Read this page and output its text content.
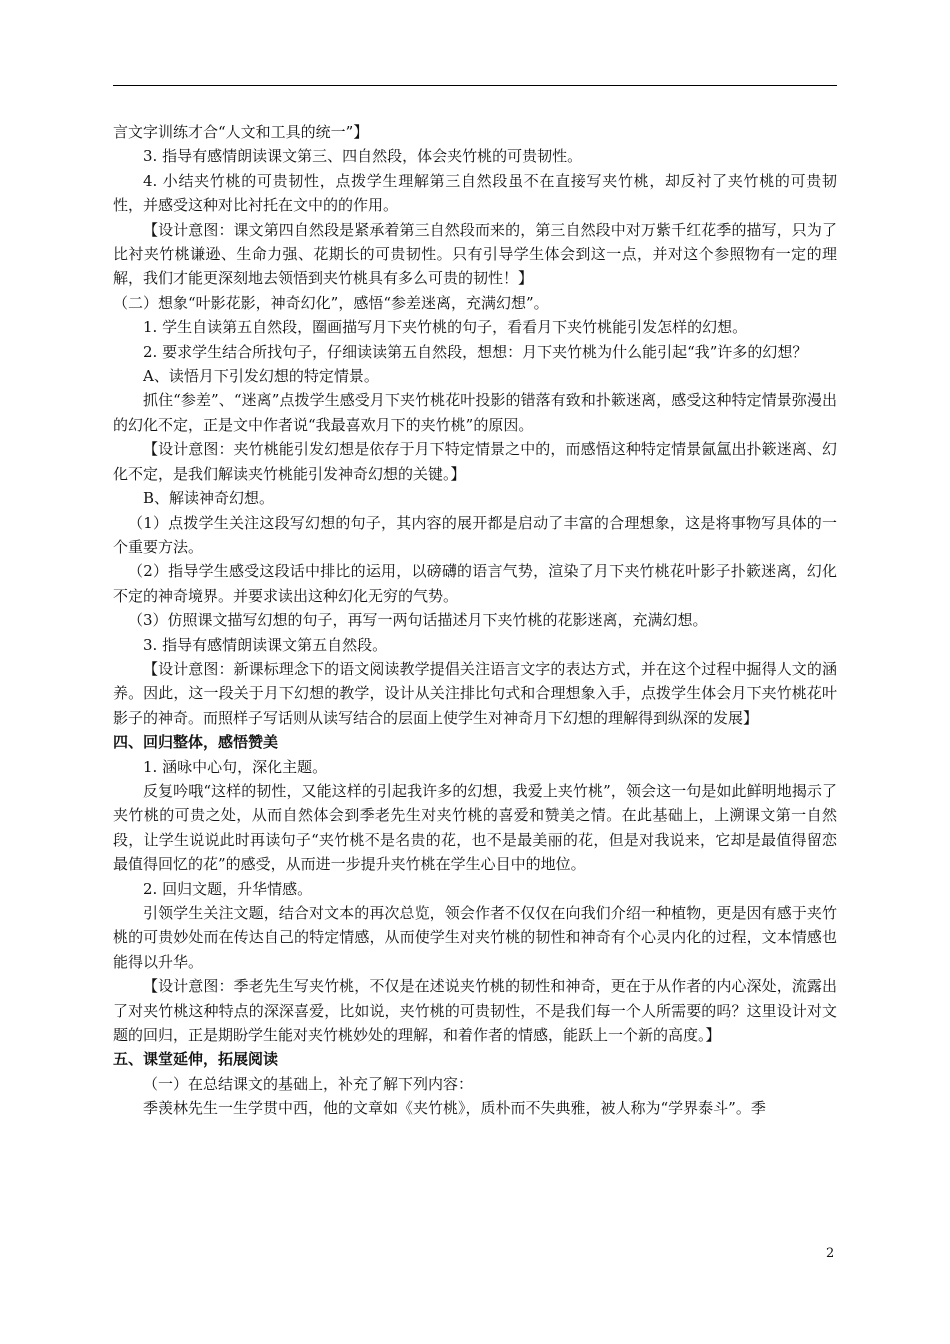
言文字训练才合“人文和工具的统一”】

3. 指导有感情朗读课文第三、四自然段，体会夹竹桃的可贵韧性。

4. 小结夹竹桃的可贵韧性，点拨学生理解第三自然段虽不在直接写夹竹桃，却反衬了夹竹桃的可贵韧性，并感受这种对比衬托在文中的的作用。

【设计意图：课文第四自然段是紧承着第三自然段而来的，第三自然段中对万紫千红花季的描写，只为了比衬夹竹桃谦逊、生命力强、花期长的可贵韧性。只有引导学生体会到这一点，并对这个参照物有一定的理解，我们才能更深刻地去领悟到夹竹桃具有多么可贵的韧性！】

（二）想象“叶影花影，神奇幻化”，感悟“参差迷离，充满幻想”。

1. 学生自读第五自然段，圈画描写月下夹竹桃的句子，看看月下夹竹桃能引发怎样的幻想。

2. 要求学生结合所找句子，仔细读读第五自然段，想想：月下夹竹桃为什么能引起“我”许多的幻想？

A、读悟月下引发幻想的特定情景。

抓住“参差”、“迷离”点拨学生感受月下夹竹桃花叶投影的错落有致和扑簌迷离，感受这种特定情景弥漫出的幻化不定，正是文中作者说“我最喜欢月下的夹竹桃”的原因。

【设计意图：夹竹桃能引发幻想是依存于月下特定情景之中的，而感悟这种特定情景氤氲出扑簌迷离、幻化不定，是我们解读夹竹桃能引发神奇幻想的关键。】

B、解读神奇幻想。

（1）点拨学生关注这段写幻想的句子，其内容的展开都是启动了丰富的合理想象，这是将事物写具体的一个重要方法。

（2）指导学生感受这段话中排比的运用，以磅礴的语言气势，渲染了月下夹竹桃花叶影子扑簌迷离，幻化不定的神奇境界。并要求读出这种幻化无穷的气势。

（3）仿照课文描写幻想的句子，再写一两句话描述月下夹竹桃的花影迷离，充满幻想。

3. 指导有感情朗读课文第五自然段。

【设计意图：新课标理念下的语文阅读教学提倡关注语言文字的表达方式，并在这个过程中掘得人文的涵养。因此，这一段关于月下幻想的教学，设计从关注排比句式和合理想象入手，点拨学生体会月下夹竹桃花叶影子的神奇。而照样子写话则从读写结合的层面上使学生对神奇月下幻想的理解得到纵深的发展】

四、回归整体，感悟赞美

1. 涵咏中心句，深化主题。

反复吟哦“这样的韧性，又能这样的引起我许多的幻想，我爱上夹竹桃”，领会这一句是如此鲜明地揭示了夹竹桃的可贵之处，从而自然体会到季老先生对夹竹桃的喜爱和赞美之情。在此基础上，上溯课文第一自然段，让学生说说此时再读句子“夹竹桃不是名贵的花，也不是最美丽的花，但是对我说来，它却是最值得留恋最值得回忆的花”的感受，从而进一步提升夹竹桃在学生心目中的地位。

2. 回归文题，升华情感。

引领学生关注文题，结合对文本的再次总览，领会作者不仅仅在向我们介绍一种植物，更是因有感于夹竹桃的可贵妙处而在传达自己的特定情感，从而使学生对夹竹桃的韧性和神奇有个心灵内化的过程，文本情感也能得以升华。

【设计意图：季老先生写夹竹桃，不仅是在述说夹竹桃的韧性和神奇，更在于从作者的内心深处，流露出了对夹竹桃这种特点的深深喜爱，比如说，夹竹桃的可贵韧性，不是我们每一个人所需要的吗？这里设计对文题的回归，正是期盼学生能对夹竹桃妙处的理解，和着作者的情感，能跃上一个新的高度。】

五、课堂延伸，拓展阅读

（一）在总结课文的基础上，补充了解下列内容：

季羡林先生一生学贯中西，他的文章如《夹竹桃》，质朴而不失典雅，被人称为“学界泰斗”。季

2
